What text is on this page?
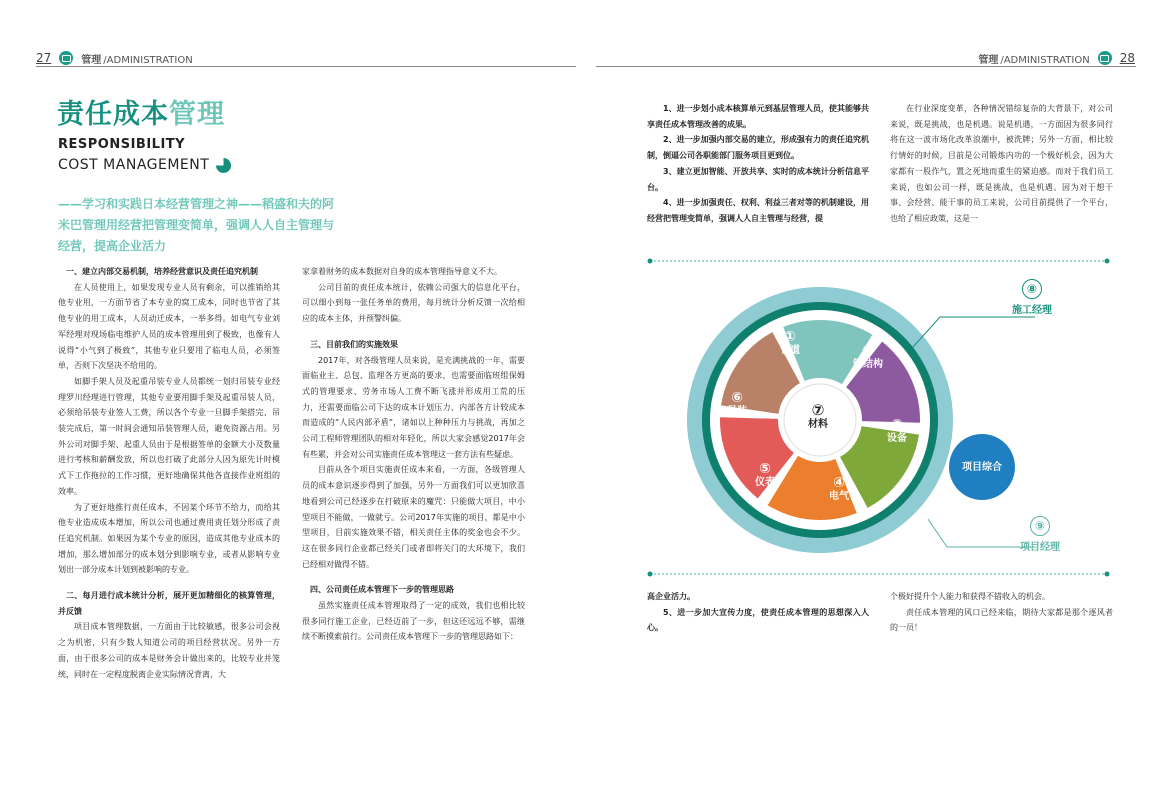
27	管理 /ADMINISTRATION	管理 /ADMINISTRATION	28
责任成本管理
RESPONSIBILITY
COST MANAGEMENT
——学习和实践日本经营管理之神——稻盛和夫的阿米巴管理用经营把管理变简单，强调人人自主管理与经营，提高企业活力

一、建立内部交易机制，培养经营意识及责任追究机制

在人员使用上，如果发现专业人员有剩余，可以推销给其他专业用，一方面节省了本专业的窝工成本，同时也节省了其他专业的用工成本，人员动迁成本，一举多得。如电气专业刘军经理对现场临电维护人员的成本管理用到了极致，也像有人说得“小气到了极致”，其他专业只要用了临电人员，必须签单，否则下次坚决不给用的。

如脚手架人员及起重吊装专业人员都统一划归吊装专业经理罗川经理进行管理，其他专业要用脚手架及起重吊装人员，必须给吊装专业签人工费，所以各个专业一旦脚手架搭完、吊装完成后，第一时间会通知吊装管理人员，避免资源占用。另外公司对脚手架、起重人员由于是根据签单的金额大小及数量进行考核和薪酬发放，所以也打破了此部分人因为原先计时模式下工作拖拉的工作习惯，更好地确保其他各直接作业班组的效率。

为了更好地推行责任成本，不因某个环节不给力，而给其他专业造成成本增加，所以公司也通过费用责任划分形成了责任追究机制。如果因为某个专业的原因，造成其他专业成本的增加，那么增加部分的成本划分到影响专业，或者从影响专业划出一部分成本计划到被影响的专业。

二、每月进行成本统计分析，展开更加精细化的核算管理，并反馈

项目成本管理数据，一方面由于比较敏感，很多公司会视之为机密，只有少数人知道公司的项目经营状况。另外一方面，由于很多公司的成本是财务会计做出来的，比较专业并笼统，同时在一定程度脱离企业实际情况背离，大

家拿着财务的成本数据对自身的成本管理指导意义不大。

公司目前的责任成本统计，依赖公司强大的信息化平台，可以细小到每一张任务单的费用，每月统计分析反馈一次给相应的成本主体，并预警纠偏。

三、目前我们的实施效果

2017年，对各级管理人员来说，是充满挑战的一年，需要面临业主、总包、监理各方更高的要求，也需要面临班组保姆式的管理要求、劳务市场人工费不断飞涨并形成用工荒的压力，还需要面临公司下达的成本计划压力、内部各方计较成本而造成的“人民内部矛盾”，诸如以上种种压力与挑战，再加之公司工程师管理团队的相对年轻化，所以大家会感觉2017年会有些累，并会对公司实施责任成本管理这一套方法有些疑虑。

目前从各个项目实施责任成本来看，一方面，各级管理人员的成本意识逐步得到了加强，另外一方面我们可以更加欣喜地看到公司已经逐步在打破原来的魔咒：只能做大项目，中小型项目不能做，一做就亏。公司2017年实施的项目，都是中小型项目，目前实施效果不错，相关责任主体的奖金也会不少。这在很多同行企业都已经关门或者即将关门的大环境下，我们已经相对做得不错。

四、公司责任成本管理下一步的管理思路

虽然实施责任成本管理取得了一定的成效，我们也相比较很多同行施工企业，已经迈前了一步，但这还远远不够，需继续不断摸索前行。公司责任成本管理下一步的管理思路如下：

1、进一步划小成本核算单元到基层管理人员，使其能够共享责任成本管理改善的成果。

2、进一步加强内部交易的建立，形成强有力的责任追究机制，倒逼公司各职能部门服务项目更到位。

3、建立更加智能、开放共享、实时的成本统计分析信息平台。

4、进一步加强责任、权利、利益三者对等的机制建设，用经营把管理变简单，强调人人自主管理与经营，提

在行业深度变革，各种情况错综复杂的大背景下，对公司来说，既是挑战，也是机遇。说是机遇，一方面因为很多同行将在这一波市场化改革浪潮中，被洗牌；另外一方面，相比较行情好的时候，目前是公司锻炼内功的一个极好机会，因为大家都有一股作气，置之死地而重生的紧迫感。而对于我们员工来说，也如公司一样，既是挑战，也是机遇。因为对于想干事、会经营、能干事的员工来说，公司目前提供了一个平台，也给了相应政策，这是一

高企业活力。

5、进一步加大宣传力度，使责任成本管理的思想深入人心。

个极好提升个人能力和获得不错收入的机会。

责任成本管理的风口已经来临，期待大家都是那个逐风者的一员！

①
管道	②
钢结构
③
设备
④
电气
⑤
仪表
⑥
吊装	⑦
材料
⑧
施工经理
⑨
项目经理
项目综合
